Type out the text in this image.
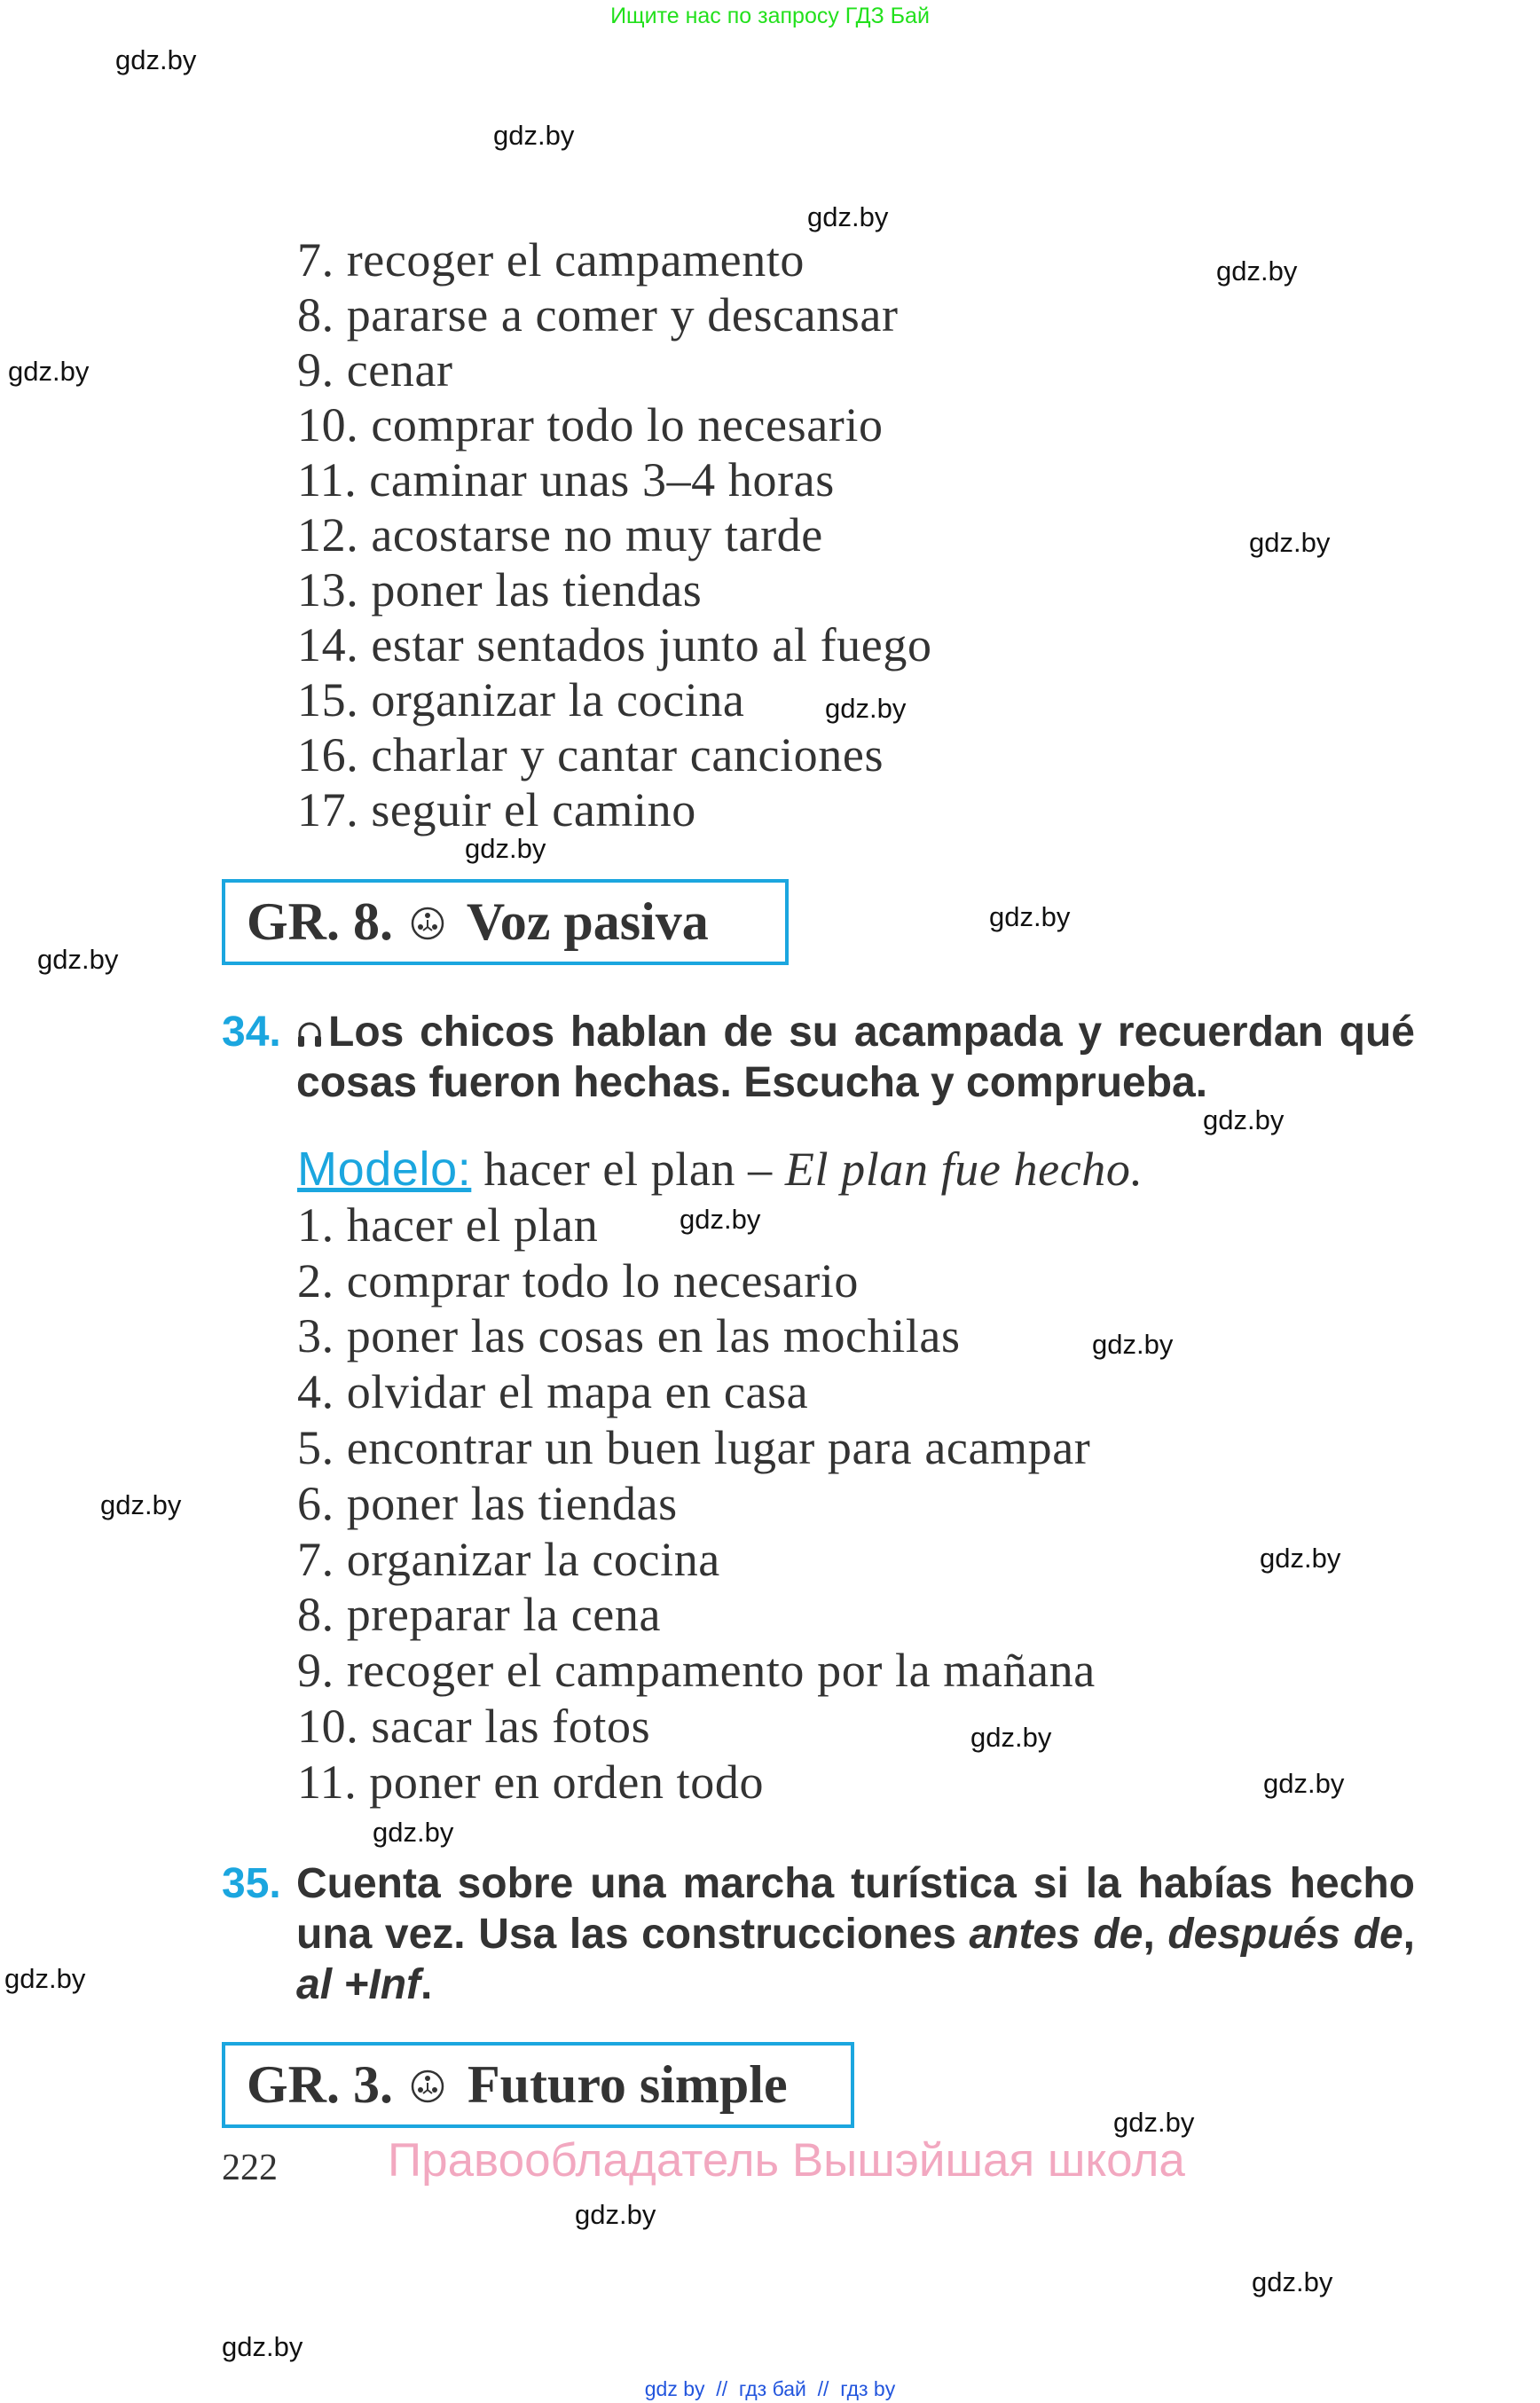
Ищите нас по запросу ГДЗ Бай
gdz.by
gdz.by
gdz.by
gdz.by
gdz.by
gdz.by
gdz.by
gdz.by
gdz.by
gdz.by
gdz.by
gdz.by
gdz.by
gdz.by
gdz.by
gdz.by
gdz.by
gdz.by
gdz.by
gdz.by
gdz.by
gdz.by
gdz.by
7. recoger el campamento
8. pararse a comer y descansar
9. cenar
10. comprar todo lo necesario
11. caminar unas 3–4 horas
12. acostarse no muy tarde
13. poner las tiendas
14. estar sentados junto al fuego
15. organizar la cocina
16. charlar y cantar canciones
17. seguir el camino
GR. 8. Voz pasiva
34.	Los chicos hablan de su acampada y recuerdan qué cosas fueron hechas. Escucha y comprueba.
Modelo: hacer el plan – El plan fue hecho.
1. hacer el plan
2. comprar todo lo necesario
3. poner las cosas en las mochilas
4. olvidar el mapa en casa
5. encontrar un buen lugar para acampar
6. poner las tiendas
7. organizar la cocina
8. preparar la cena
9. recoger el campamento por la mañana
10. sacar las fotos
11. poner en orden todo
35. Cuenta sobre una marcha turística si la habías hecho una vez. Usa las construcciones antes de, después de, al +Inf.
GR. 3. Futuro simple
222 Правообладатель Вышэйшая школа
gdz by  //  гдз бай  //  гдз by
